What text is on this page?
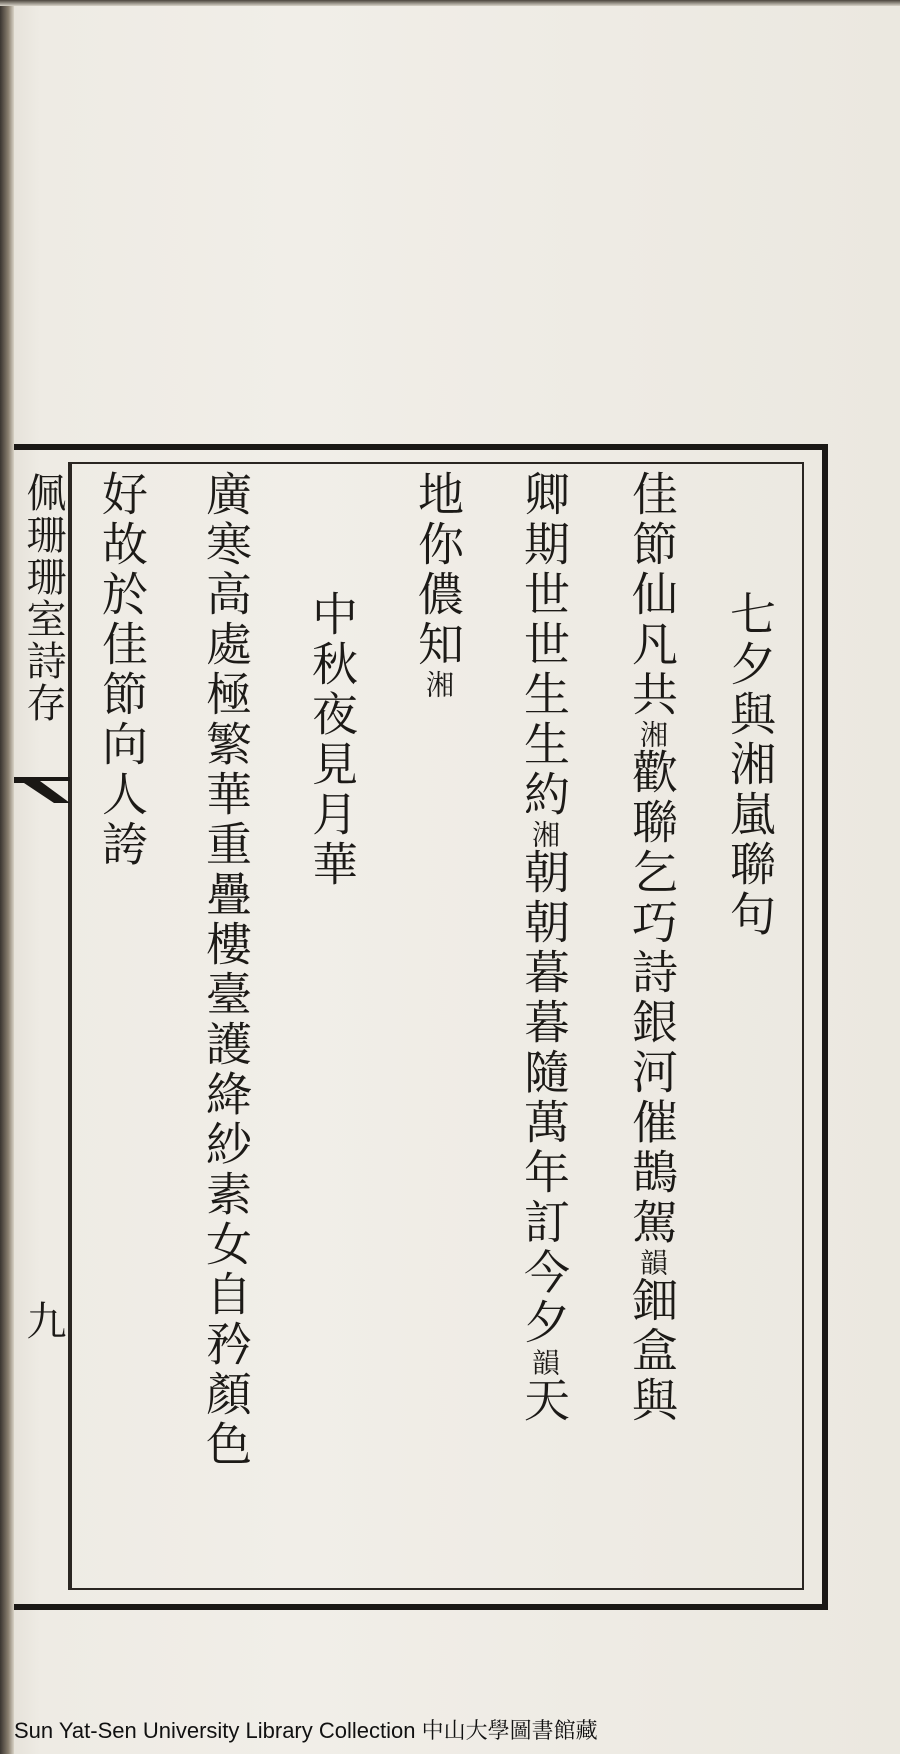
七夕與湘嵐聯句
佳節仙凡共湘歡聯乞巧詩銀河催鵲駕韻鈿盒與
卿期世世生生約湘朝朝暮暮隨萬年訂今夕韻天
地你儂知湘
中秋夜見月華
廣寒高處極繁華重疊樓臺護絳紗素女自矜顏色
好故於佳節向人誇
佩珊珊室詩存
九
Sun Yat-Sen University Library Collection 中山大學圖書館藏
